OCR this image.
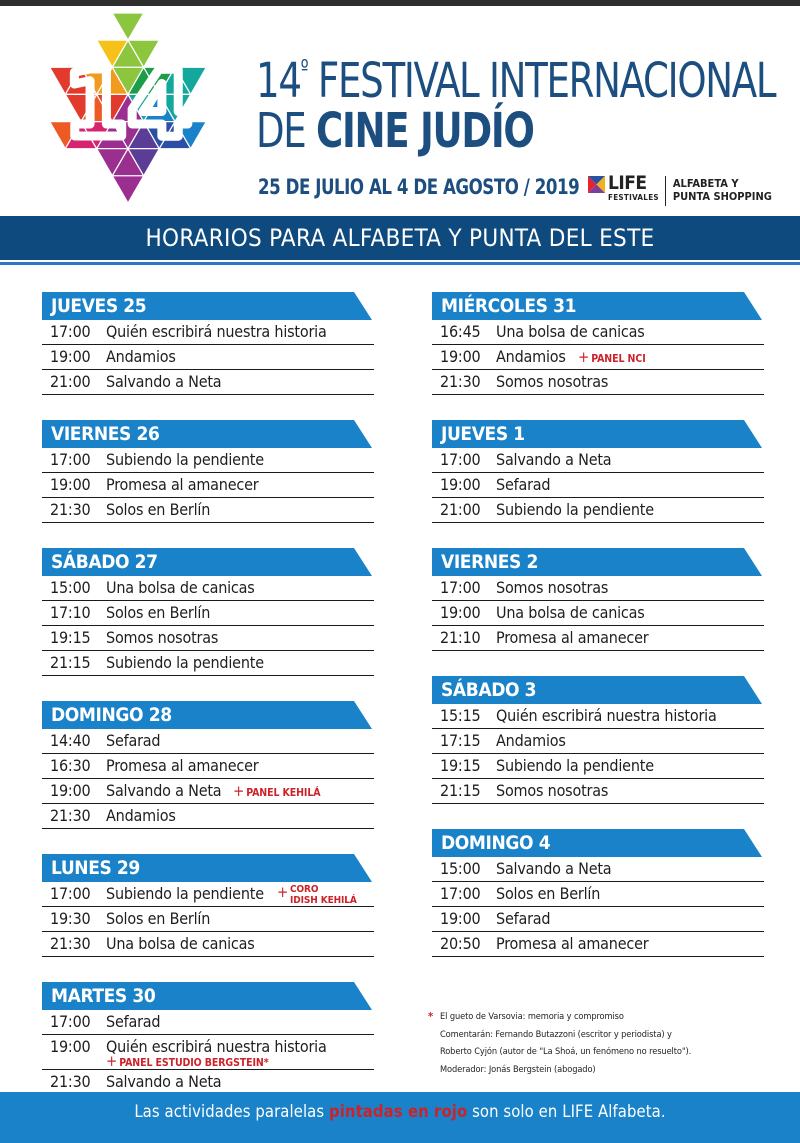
14 $14^º$ FESTIVAL INTERNACIONAL
DE CINE JUDÍO
25 DE JULIO AL 4 DE AGOSTO / 2019 LIFE
FESTIVALES
ALFABETA Y
PUNTA SHOPPING
HORARIOS PARA ALFABETA Y PUNTA DEL ESTE
JUEVES 25
17:00 Quién escribirá nuestra historia
19:00 Andamios
21:00 Salvando a Neta
VIERNES 26
17:00 Subiendo la pendiente
19:00 Promesa al amanecer
21:30 Solos en Berlín
SÁBADO 27
15:00 Una bolsa de canicas
17:10 Solos en Berlín
19:15 Somos nosotras
21:15 Subiendo la pendiente
DOMINGO 28
14:40 Sefarad
16:30 Promesa al amanecer
19:00 Salvando a Neta + PANEL KEHILÁ
21:30 Andamios
LUNES 29
17:00 Subiendo la pendiente + CORO
IDISH KEHILÁ
19:30 Solos en Berlín
21:30 Una bolsa de canicas
MARTES 30
17:00 Sefarad
19:00 Quién escribirá nuestra historia
+ PANEL ESTUDIO BERGSTEIN*
21:30 Salvando a Neta
MIÉRCOLES 31
16:45 Una bolsa de canicas
19:00 Andamios + PANEL NCI
21:30 Somos nosotras
JUEVES 1
17:00 Salvando a Neta
19:00 Sefarad
21:00 Subiendo la pendiente
VIERNES 2
17:00 Somos nosotras
19:00 Una bolsa de canicas
21:10 Promesa al amanecer
SÁBADO 3
15:15 Quién escribirá nuestra historia
17:15 Andamios
19:15 Subiendo la pendiente
21:15 Somos nosotras
DOMINGO 4
15:00 Salvando a Neta
17:00 Solos en Berlín
19:00 Sefarad
20:50 Promesa al amanecer
* El gueto de Varsovia: memoria y compromiso

Comentarán: Fernando Butazzoni (escritor y periodista) y

Roberto Cyjón (autor de "La Shoá, un fenómeno no resuelto").

Moderador: Jonás Bergstein (abogado)

Las actividades paralelas pintadas en rojo son solo en LIFE Alfabeta.
